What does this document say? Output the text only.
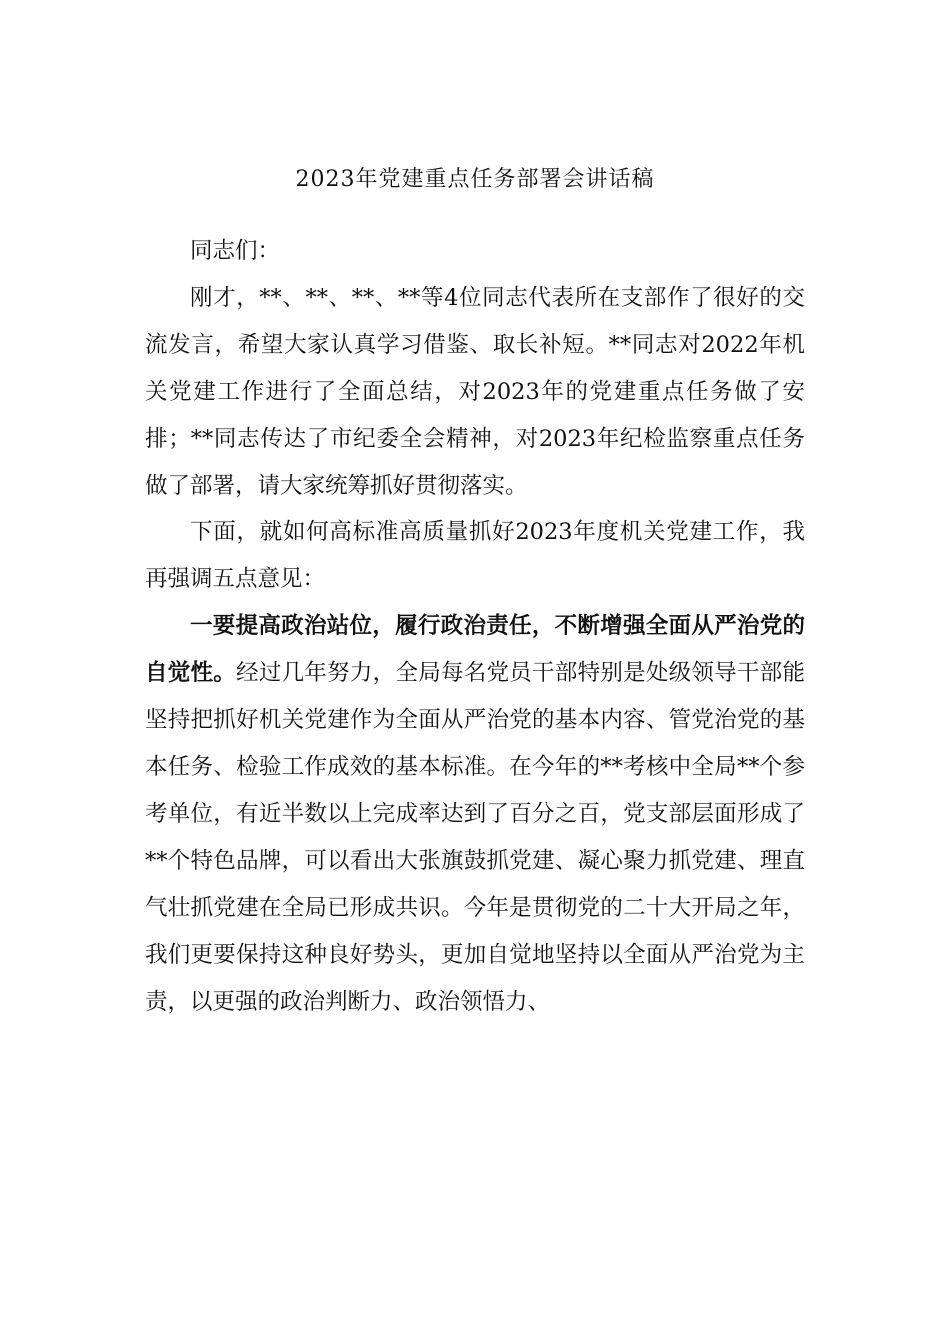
2023年党建重点任务部署会讲话稿

同志们：

刚才，**、**、**、**等4位同志代表所在支部作了很好的交流发言，希望大家认真学习借鉴、取长补短。**同志对2022年机关党建工作进行了全面总结，对2023年的党建重点任务做了安排；**同志传达了市纪委全会精神，对2023年纪检监察重点任务做了部署，请大家统筹抓好贯彻落实。

下面，就如何高标准高质量抓好2023年度机关党建工作，我再强调五点意见：

一要提高政治站位，履行政治责任，不断增强全面从严治党的自觉性。经过几年努力，全局每名党员干部特别是处级领导干部能坚持把抓好机关党建作为全面从严治党的基本内容、管党治党的基本任务、检验工作成效的基本标准。在今年的**考核中全局**个参考单位，有近半数以上完成率达到了百分之百，党支部层面形成了**个特色品牌，可以看出大张旗鼓抓党建、凝心聚力抓党建、理直气壮抓党建在全局已形成共识。今年是贯彻党的二十大开局之年，我们更要保持这种良好势头，更加自觉地坚持以全面从严治党为主责，以更强的政治判断力、政治领悟力、
